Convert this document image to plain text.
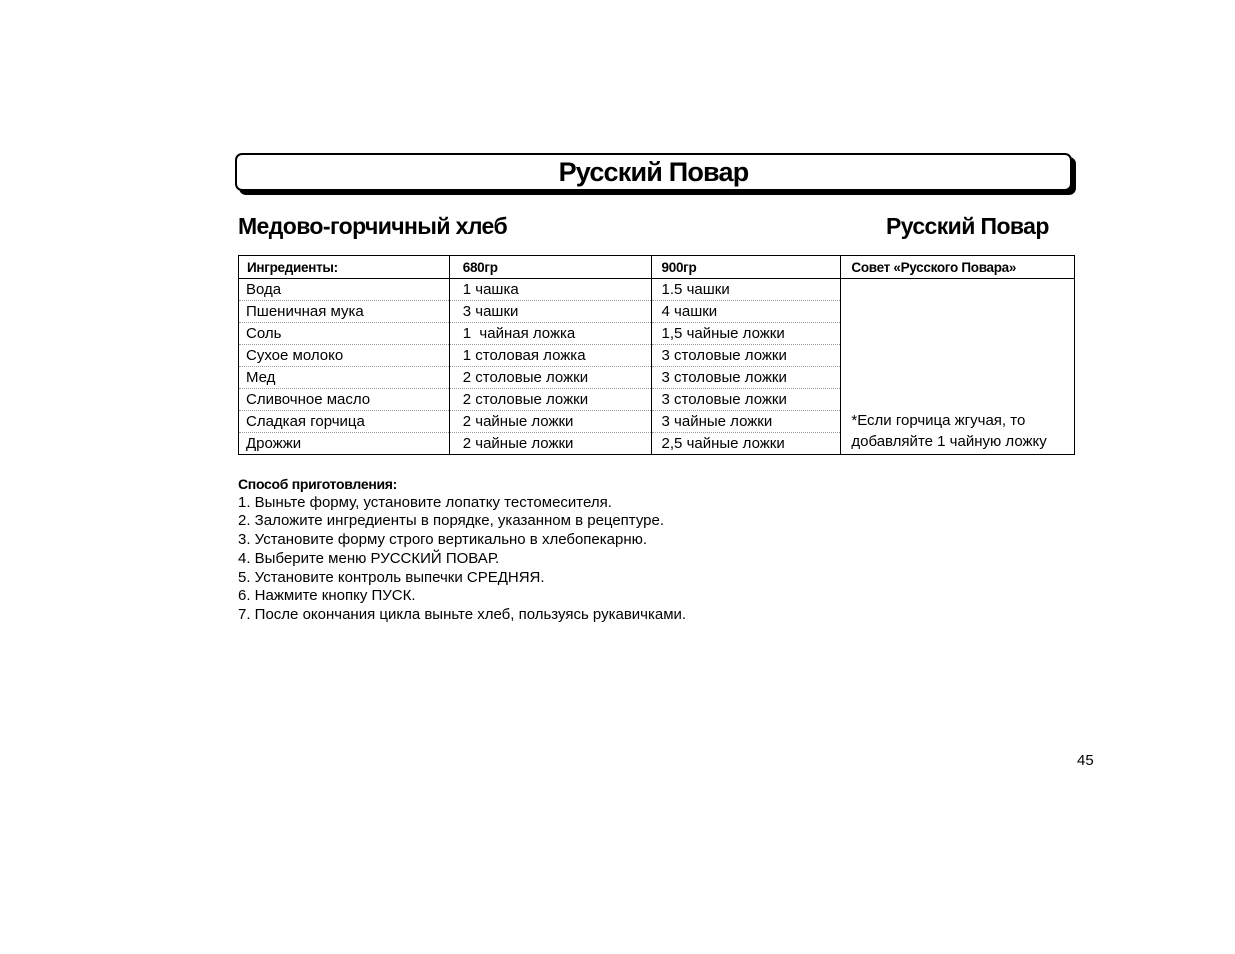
Русский Повар
Медово-горчичный хлеб	Русский Повар
Ингредиенты:	680гр	900гр	Совет «Русского Повара»
Вода	1 чашка	1.5 чашки	*Если горчица жгучая, то добавляйте 1 чайную ложку
Пшеничная мука	3 чашки	4 чашки	
Соль	1  чайная ложка	1,5 чайные ложки	
Сухое молоко	1 столовая ложка	3 столовые ложки	
Мед	2 столовые ложки	3 столовые ложки	
Сливочное масло	2 столовые ложки	3 столовые ложки	
Сладкая горчица	2 чайные ложки	3 чайные ложки	
Дрожжи	2 чайные ложки	2,5 чайные ложки	
Способ приготовления:
1. Выньте форму, установите лопатку тестомесителя.
2. Заложите ингредиенты в порядке, указанном в рецептуре.
3. Установите форму строго вертикально в хлебопекарню.
4. Выберите меню РУССКИЙ ПОВАР.
5. Установите контроль выпечки СРЕДНЯЯ.
6. Нажмите кнопку ПУСК.
7. После окончания цикла выньте хлеб, пользуясь рукавичками.
45
